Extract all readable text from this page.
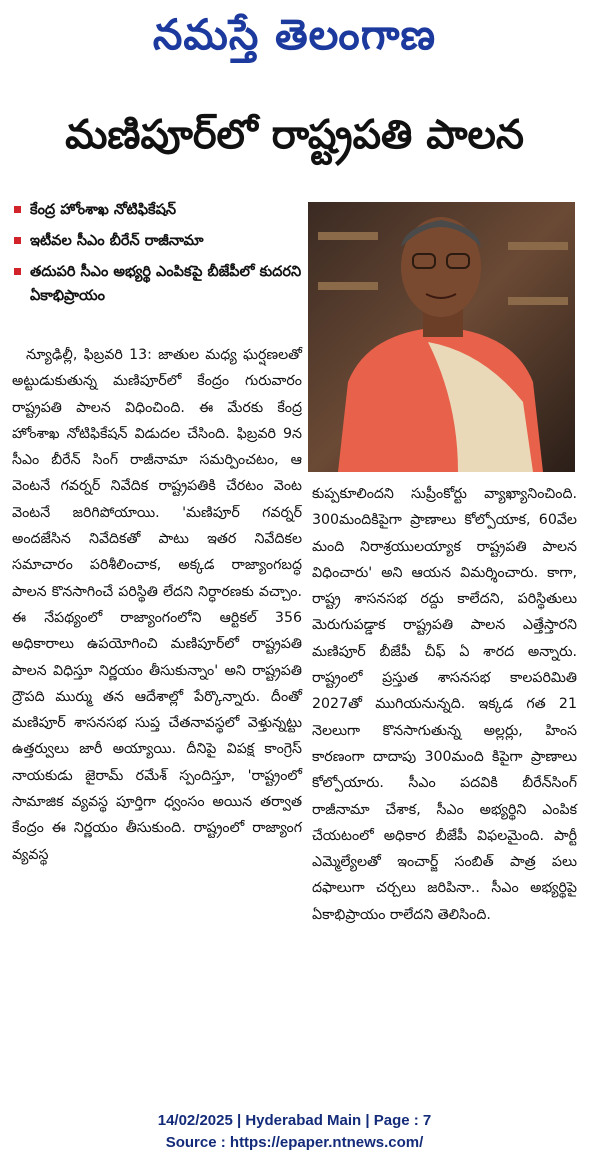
నమస్తే తెలంగాణ
మణిపూర్‌లో రాష్ట్రపతి పాలన
కేంద్ర హోంశాఖ నోటిఫికేషన్
ఇటీవల సీఎం బీరేన్ రాజీనామా
తదుపరి సీఎం అభ్యర్థి ఎంపికపై బీజేపీలో కుదరని ఏకాభిప్రాయం

న్యూఢిల్లీ, ఫిబ్రవరి 13: జాతుల మధ్య ఘర్షణలతో అట్టుడుకుతున్న మణిపూర్‌లో కేంద్రం గురువారం రాష్ట్రపతి పాలన విధించింది. ఈ మేరకు కేంద్ర హోంశాఖ నోటిఫికేషన్ విడుదల చేసింది. ఫిబ్రవరి 9న సీఎం బీరేన్ సింగ్ రాజీనామా సమర్పించటం, ఆ వెంటనే గవర్నర్ నివేదిక రాష్ట్రపతికి చేరటం వెంట వెంటనే జరిగిపోయాయి. 'మణిపూర్ గవర్నర్ అందజేసిన నివేదికతో పాటు ఇతర నివేదికల సమాచారం పరిశీలించాక, అక్కడ రాజ్యాంగబద్ధ పాలన కొనసాగించే పరిస్థితి లేదని నిర్ధారణకు వచ్చాం. ఈ నేపథ్యంలో రాజ్యాంగంలోని ఆర్టికల్ 356 అధికారాలు ఉపయోగించి మణిపూర్‌లో రాష్ట్రపతి పాలన విధిస్తూ నిర్ణయం తీసుకున్నాం' అని రాష్ట్రపతి ద్రౌపది ముర్ము తన ఆదేశాల్లో పేర్కొన్నారు. దీంతో మణిపూర్ శాసనసభ సుప్త చేతనావస్థలో వెళ్తున్నట్టు ఉత్తర్వులు జారీ అయ్యాయి. దీనిపై విపక్ష కాంగ్రెస్ నాయకుడు జైరామ్ రమేశ్ స్పందిస్తూ, 'రాష్ట్రంలో సామాజిక వ్యవస్థ పూర్తిగా ధ్వంసం అయిన తర్వాత కేంద్రం ఈ నిర్ణయం తీసుకుంది. రాష్ట్రంలో రాజ్యాంగ వ్యవస్థ

కుప్పకూలిందని సుప్రీంకోర్టు వ్యాఖ్యానించింది. 300మందికిపైగా ప్రాణాలు కోల్పోయాక, 60వేల మంది నిరాశ్రయులయ్యాక రాష్ట్రపతి పాలన విధించారు' అని ఆయన విమర్శించారు. కాగా, రాష్ట్ర శాసనసభ రద్దు కాలేదని, పరిస్థితులు మెరుగుపడ్డాక రాష్ట్రపతి పాలన ఎత్తేస్తారని మణిపూర్ బీజేపీ చీఫ్ ఏ శారద అన్నారు. రాష్ట్రంలో ప్రస్తుత శాసనసభ కాలపరిమితి 2027తో ముగియనున్నది. ఇక్కడ గత 21 నెలలుగా కొనసాగుతున్న అల్లర్లు, హింస కారణంగా దాదాపు 300మంది కిపైగా ప్రాణాలు కోల్పోయారు. సీఎం పదవికి బీరేన్‌సింగ్ రాజీనామా చేశాక, సీఎం అభ్యర్థిని ఎంపిక చేయటంలో అధికార బీజేపీ విఫలమైంది. పార్టీ ఎమ్మెల్యేలతో ఇంచార్జ్ సంబిత్ పాత్ర పలు దఫాలుగా చర్చలు జరిపినా.. సీఎం అభ్యర్థిపై ఏకాభిప్రాయం రాలేదని తెలిసింది.

14/02/2025 | Hyderabad Main | Page : 7
Source : https://epaper.ntnews.com/
